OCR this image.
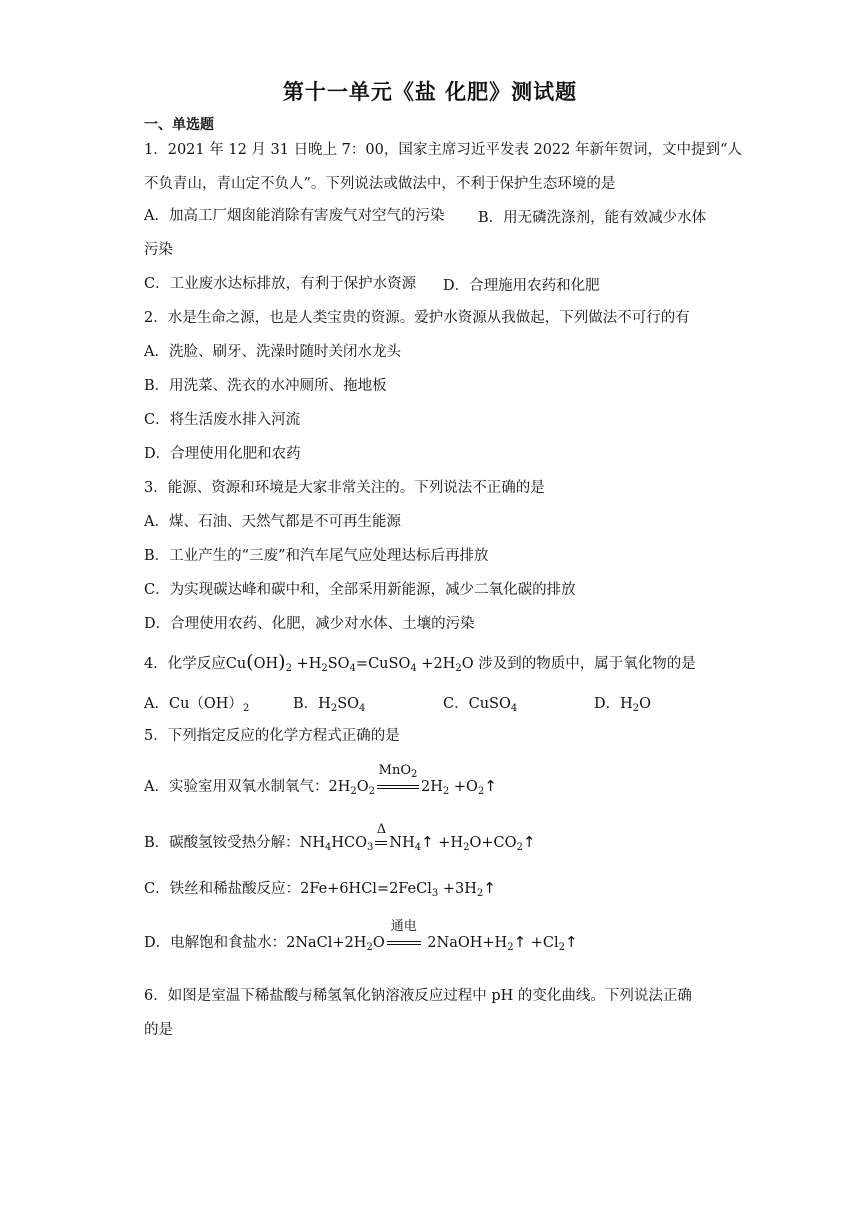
第十一单元《盐 化肥》测试题
一、单选题
1．2021 年 12 月 31 日晚上 7：00，国家主席习近平发表 2022 年新年贺词，文中提到“人
不负青山，青山定不负人”。下列说法或做法中，不利于保护生态环境的是
A．加高工厂烟囱能消除有害废气对空气的污染 B．用无磷洗涤剂，能有效减少水体
污染
C．工业废水达标排放，有利于保护水资源 D．合理施用农药和化肥
2．水是生命之源，也是人类宝贵的资源。爱护水资源从我做起，下列做法不可行的有
A．洗脸、刷牙、洗澡时随时关闭水龙头
B．用洗菜、洗衣的水冲厕所、拖地板
C．将生活废水排入河流
D．合理使用化肥和农药
3．能源、资源和环境是大家非常关注的。下列说法不正确的是
A．煤、石油、天然气都是不可再生能源
B．工业产生的“三废”和汽车尾气应处理达标后再排放
C．为实现碳达峰和碳中和，全部采用新能源，减少二氧化碳的排放
D．合理使用农药、化肥，减少对水体、土壤的污染
4．化学反应$Cu(OH)_2$ $+H_2SO_4=CuSO_4 +2H_2O$ 涉及到的物质中，属于氧化物的是
A．$Cu(OH)_2$	B．$H_2SO_4$	C．CuSO$_4$	D．$H_2O$
5．下列指定反应的化学方程式正确的是
A．实验室用双氧水制氧气：$2H_2O_2$
MnO$_2$
$2H_2$ $+O_2↑$
B．碳酸氢铵受热分解：$NH_4HCO_3$
Δ
$NH_4↑$ $+H_2O+CO_2↑$
C．铁丝和稀盐酸反应：2Fe+6HCl=2FeCl$_3$ $+3H_2↑$
D．电解饱和食盐水：$2NaCl+2H_2O$
通电
$2NaOH+H_2↑$ $+Cl_2↑$
6．如图是室温下稀盐酸与稀氢氧化钠溶液反应过程中 pH 的变化曲线。下列说法正确
的是
